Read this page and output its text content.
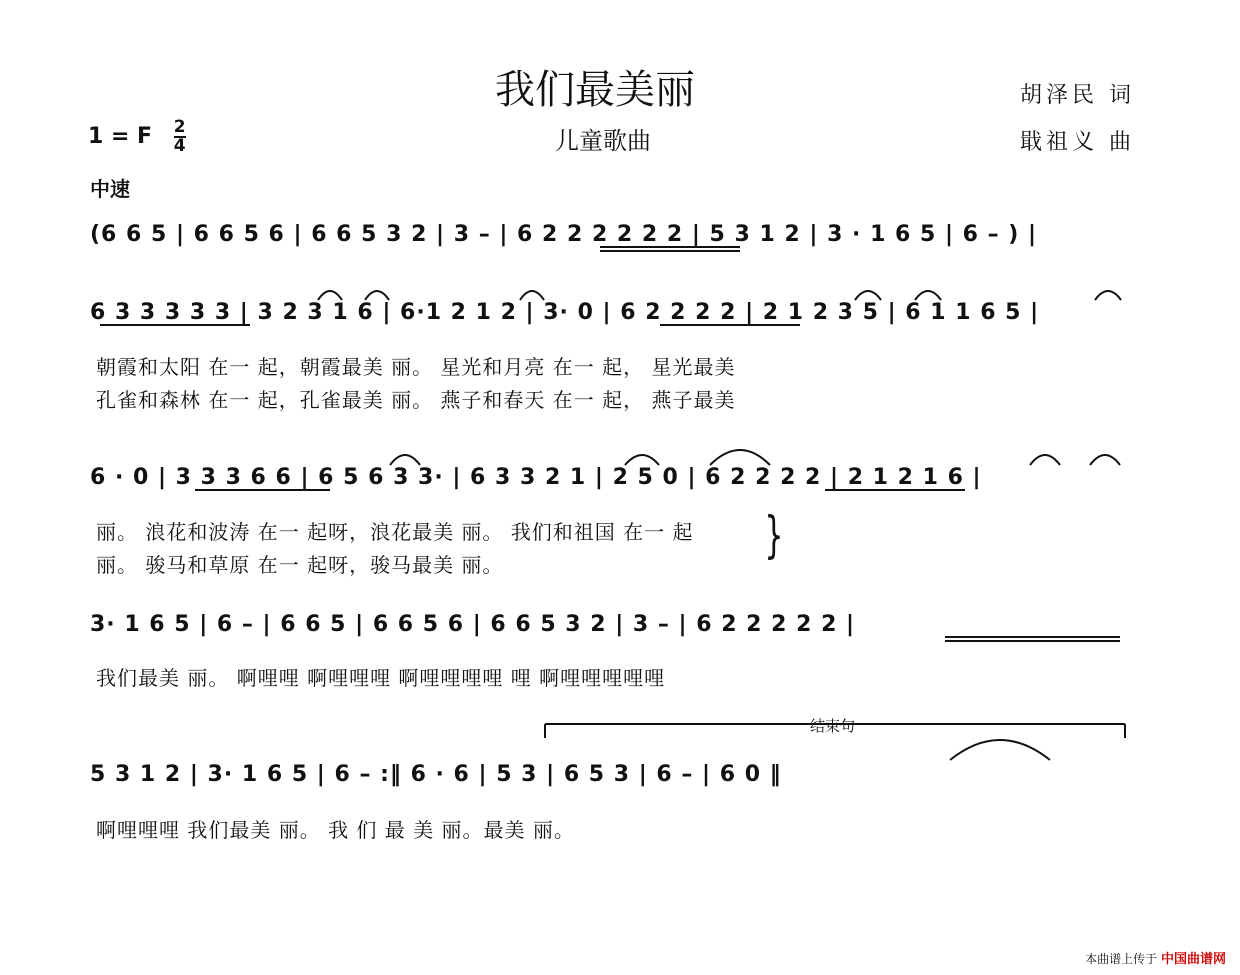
我们最美丽
儿童歌曲
胡泽民 词
戢祖义 曲
1 = F $\frac{2}{4}$
中速
(6 6 5 | 6 6 5 6 | 6 6 5 3 2 | 3 – | 6 2 2 2 2 2 2 | 5 3 1 2 | 3 · 1 6 5 | 6 – ) |
6 3 3 3 3 3 | 3 2 3 1 6 | 6·1 2 1 2 | 3· 0 | 6 2 2 2 2 | 2 1 2 3 5 | 6 1 1 6 5 |
朝霞和太阳 在一 起，朝霞最美 丽。 星光和月亮 在一 起， 星光最美
孔雀和森林 在一 起，孔雀最美 丽。 燕子和春天 在一 起， 燕子最美
6 · 0 | 3 3 3 6 6 | 6 5 6 3 3· | 6 3 3 2 1 | 2 5 0 | 6 2 2 2 2 | 2 1 2 1 6 |
丽。 浪花和波涛 在一 起呀，浪花最美 丽。 我们和祖国 在一 起
丽。 骏马和草原 在一 起呀，骏马最美 丽。
}
3· 1 6 5 | 6 – | 6 6 5 | 6 6 5 6 | 6 6 5 3 2 | 3 – | 6 2 2 2 2 2 |
我们最美 丽。 啊哩哩 啊哩哩哩 啊哩哩哩哩 哩 啊哩哩哩哩哩
结束句
5 3 1 2 | 3· 1 6 5 | 6 – :‖ 6 · 6 | 5 3 | 6 5 3 | 6 – | 6 0 ‖
啊哩哩哩 我们最美 丽。 我 们 最 美 丽。最美 丽。
本曲谱上传于 中国曲谱网
